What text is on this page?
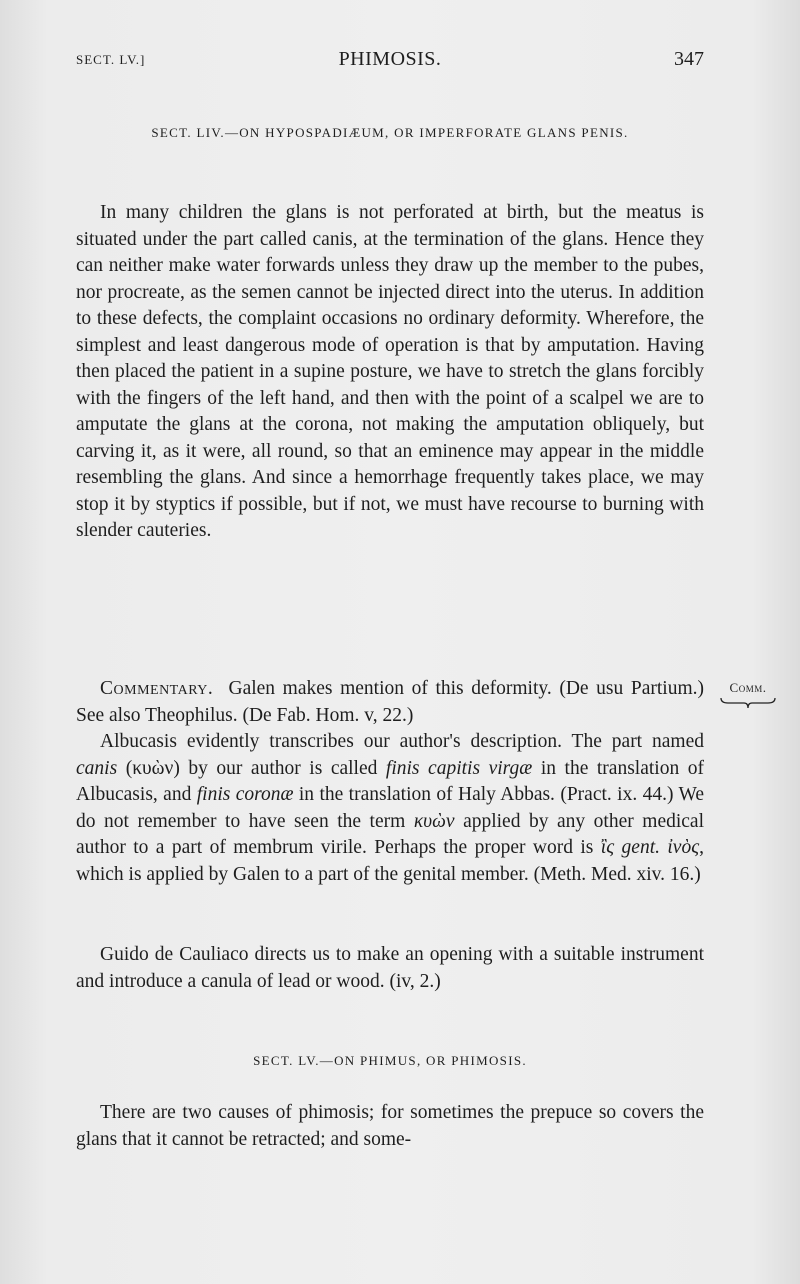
SECT. LV.]	PHIMOSIS.	347
SECT. LIV.—ON HYPOSPADIÆUM, OR IMPERFORATE GLANS PENIS.
In many children the glans is not perforated at birth, but the meatus is situated under the part called canis, at the termination of the glans. Hence they can neither make water forwards unless they draw up the member to the pubes, nor procreate, as the semen cannot be injected direct into the uterus. In addition to these defects, the complaint occasions no ordinary deformity. Wherefore, the simplest and least dangerous mode of operation is that by amputation. Having then placed the patient in a supine posture, we have to stretch the glans forcibly with the fingers of the left hand, and then with the point of a scalpel we are to amputate the glans at the corona, not making the amputation obliquely, but carving it, as it were, all round, so that an eminence may appear in the middle resembling the glans. And since a hemorrhage frequently takes place, we may stop it by styptics if possible, but if not, we must have recourse to burning with slender cauteries.
Commentary. Galen makes mention of this deformity. (De usu Partium.) See also Theophilus. (De Fab. Hom. v, 22.)
Comm.
Albucasis evidently transcribes our author's description. The part named canis (κυὼν) by our author is called finis capitis virgæ in the translation of Albucasis, and finis coronæ in the translation of Haly Abbas. (Pract. ix. 44.) We do not remember to have seen the term κυὼν applied by any other medical author to a part of membrum virile. Perhaps the proper word is ἲς gent. ἰνὸς, which is applied by Galen to a part of the genital member. (Meth. Med. xiv. 16.)
Guido de Cauliaco directs us to make an opening with a suitable instrument and introduce a canula of lead or wood. (iv, 2.)
SECT. LV.—ON PHIMUS, OR PHIMOSIS.
There are two causes of phimosis; for sometimes the prepuce so covers the glans that it cannot be retracted; and some-
